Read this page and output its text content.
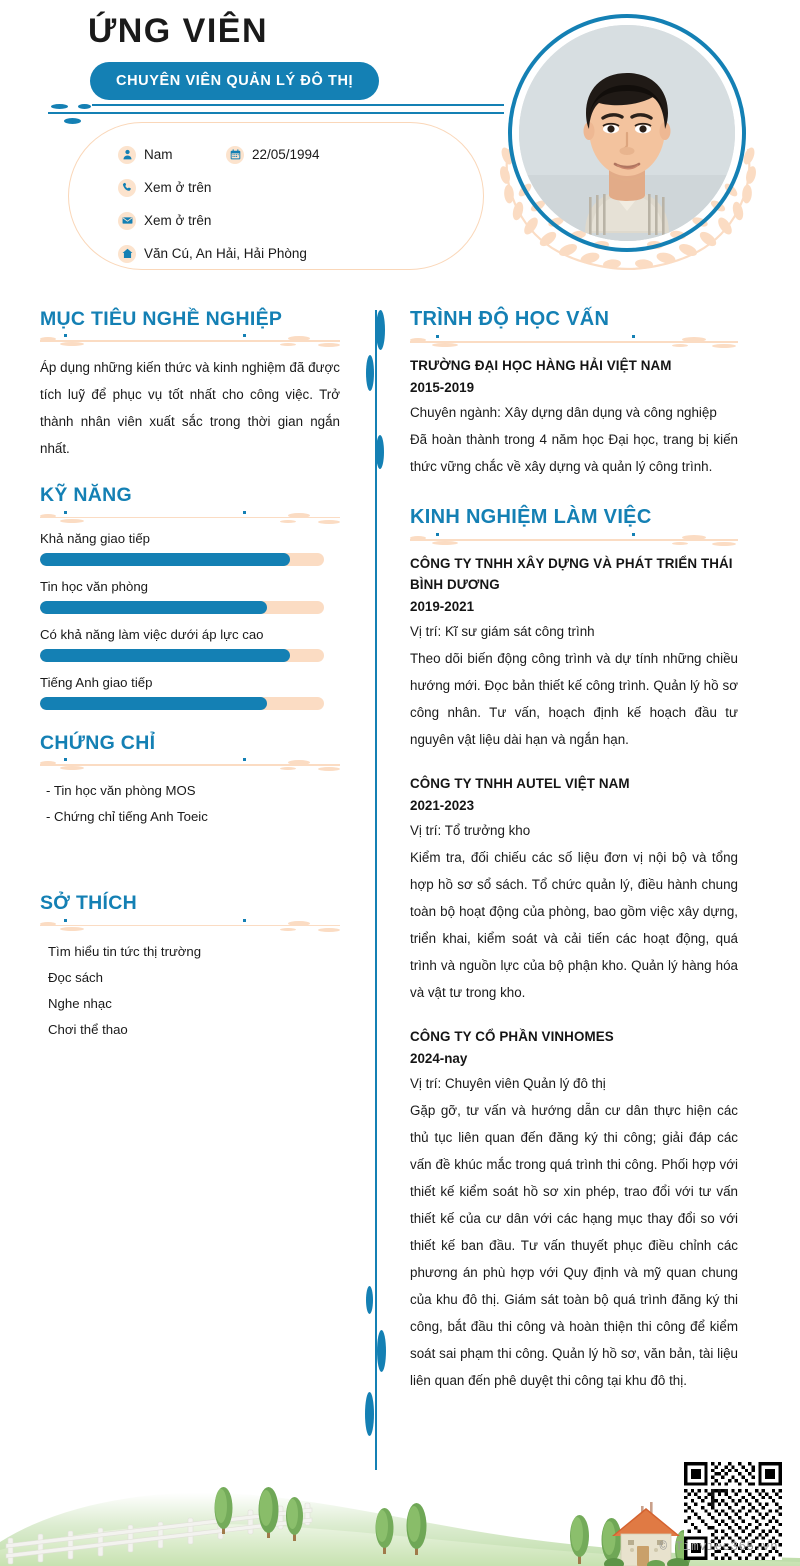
ỨNG VIÊN
CHUYÊN VIÊN QUẢN LÝ ĐÔ THỊ
Nam	22/05/1994
Xem ở trên
Xem ở trên
Văn Cú, An Hải, Hải Phòng
MỤC TIÊU NGHỀ NGHIỆP
Áp dụng những kiến thức và kinh nghiệm đã được tích luỹ để phục vụ tốt nhất cho công việc. Trở thành nhân viên xuất sắc trong thời gian ngắn nhất.
KỸ NĂNG
Khả năng giao tiếp
Tin học văn phòng
Có khả năng làm việc dưới áp lực cao
Tiếng Anh giao tiếp
CHỨNG CHỈ
- Tin học văn phòng MOS
- Chứng chỉ tiếng Anh Toeic
SỞ THÍCH
Tìm hiểu tin tức thị trường
Đọc sách
Nghe nhạc
Chơi thể thao
TRÌNH ĐỘ HỌC VẤN
TRƯỜNG ĐẠI HỌC HÀNG HẢI VIỆT NAM
2015-2019
Chuyên ngành: Xây dựng dân dụng và công nghiệp
Đã hoàn thành trong 4 năm học Đại học, trang bị kiến thức vững chắc về xây dựng và quản lý công trình.
KINH NGHIỆM LÀM VIỆC
CÔNG TY TNHH XÂY DỰNG VÀ PHÁT TRIỂN THÁI BÌNH DƯƠNG
2019-2021
Vị trí: Kĩ sư giám sát công trình
Theo dõi biến động công trình và dự tính những chiều hướng mới. Đọc bản thiết kế công trình. Quản lý hồ sơ công nhân. Tư vấn, hoạch định kế hoạch đầu tư nguyên vật liệu dài hạn và ngắn hạn.
CÔNG TY TNHH AUTEL VIỆT NAM
2021-2023
Vị trí: Tổ trưởng kho
Kiểm tra, đối chiếu các số liệu đơn vị nội bộ và tổng hợp hồ sơ sổ sách. Tổ chức quản lý, điều hành chung toàn bộ hoạt động của phòng, bao gồm việc xây dựng, triển khai, kiểm soát và cải tiến các hoạt động, quá trình và nguồn lực của bộ phận kho. Quản lý hàng hóa và vật tư trong kho.
CÔNG TY CỔ PHẦN VINHOMES
2024-nay
Vị trí: Chuyên viên Quản lý đô thị
Gặp gỡ, tư vấn và hướng dẫn cư dân thực hiện các thủ tục liên quan đến đăng ký thi công; giải đáp các vấn đề khúc mắc trong quá trình thi công. Phối hợp với thiết kế kiểm soát hồ sơ xin phép, trao đổi với tư vấn thiết kế của cư dân với các hạng mục thay đổi so với thiết kế ban đầu. Tư vấn thuyết phục điều chỉnh các phương án phù hợp với Quy định và mỹ quan chung của khu đô thị. Giám sát toàn bộ quá trình đăng ký thi công, bắt đầu thi công và hoàn thiện thi công để kiểm soát sai phạm thi công. Quản lý hồ sơ, văn bản, tài liệu liên quan đến phê duyệt thi công tại khu đô thị.
© Timviec365.vn
